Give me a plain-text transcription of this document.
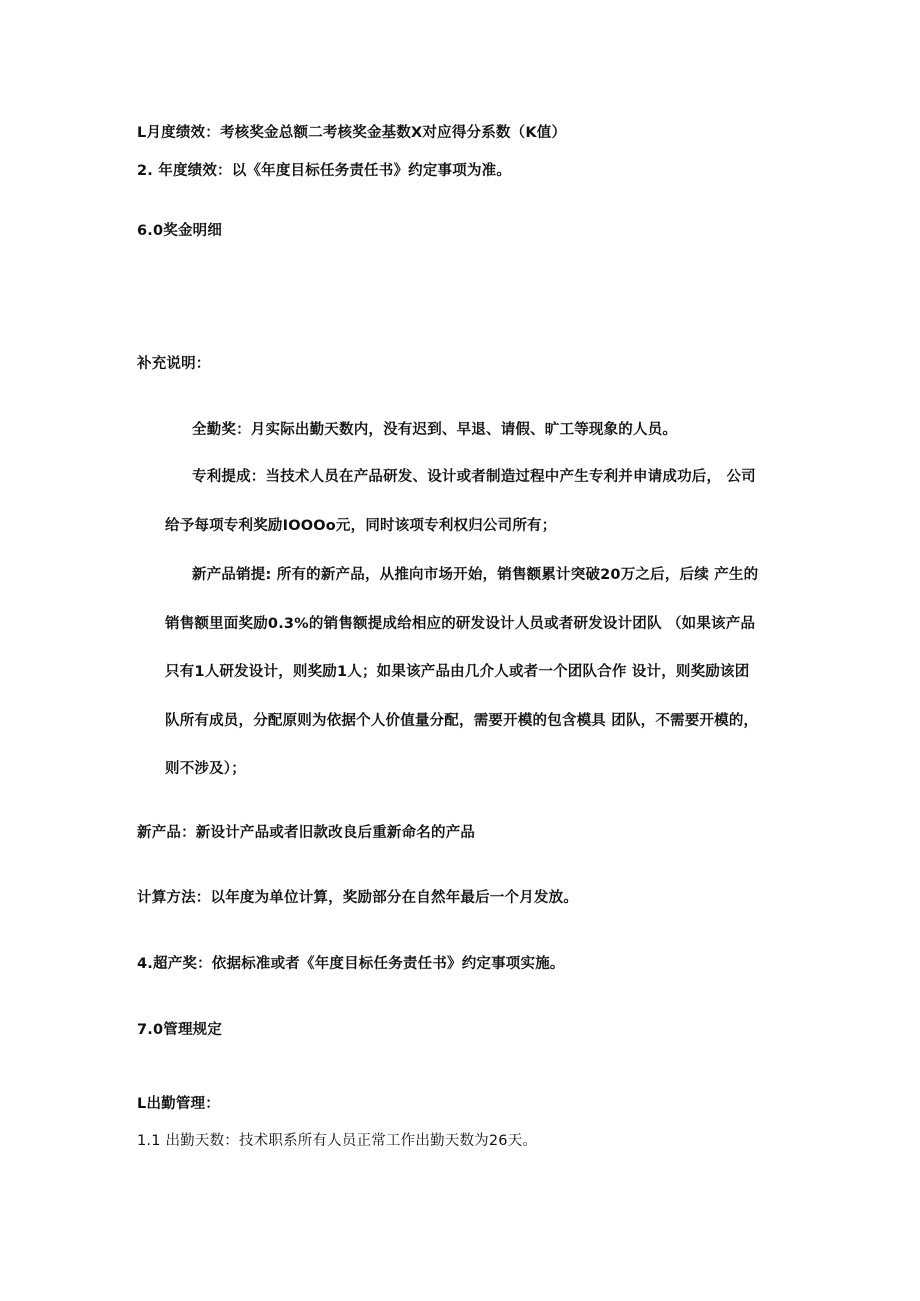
L月度绩效：考核奖金总额二考核奖金基数X对应得分系数（K值）
2. 年度绩效：以《年度目标任务责任书》约定事项为准。
6.0奖金明细
补充说明：
全勤奖：月实际出勤天数内，没有迟到、早退、请假、旷工等现象的人员。
专利提成：当技术人员在产品研发、设计或者制造过程中产生专利并申请成功后， 公司
给予每项专利奖励IOOOo元，同时该项专利权归公司所有；
新产品销提: 所有的新产品，从推向市场开始，销售额累计突破20万之后，后续 产生的
销售额里面奖励0.3%的销售额提成给相应的研发设计人员或者研发设计团队 （如果该产品
只有1人研发设计，则奖励1人；如果该产品由几介人或者一个团队合作 设计，则奖励该团
队所有成员，分配原则为依据个人价值量分配，需要开模的包含模具 团队，不需要开模的，
则不涉及）；
新产品：新设计产品或者旧款改良后重新命名的产品
计算方法：以年度为单位计算，奖励部分在自然年最后一个月发放。
4.超产奖：依据标准或者《年度目标任务责任书》约定事项实施。
7.0管理规定
L出勤管理：
1.1 出勤天数：技术职系所有人员正常工作出勤天数为26天。
